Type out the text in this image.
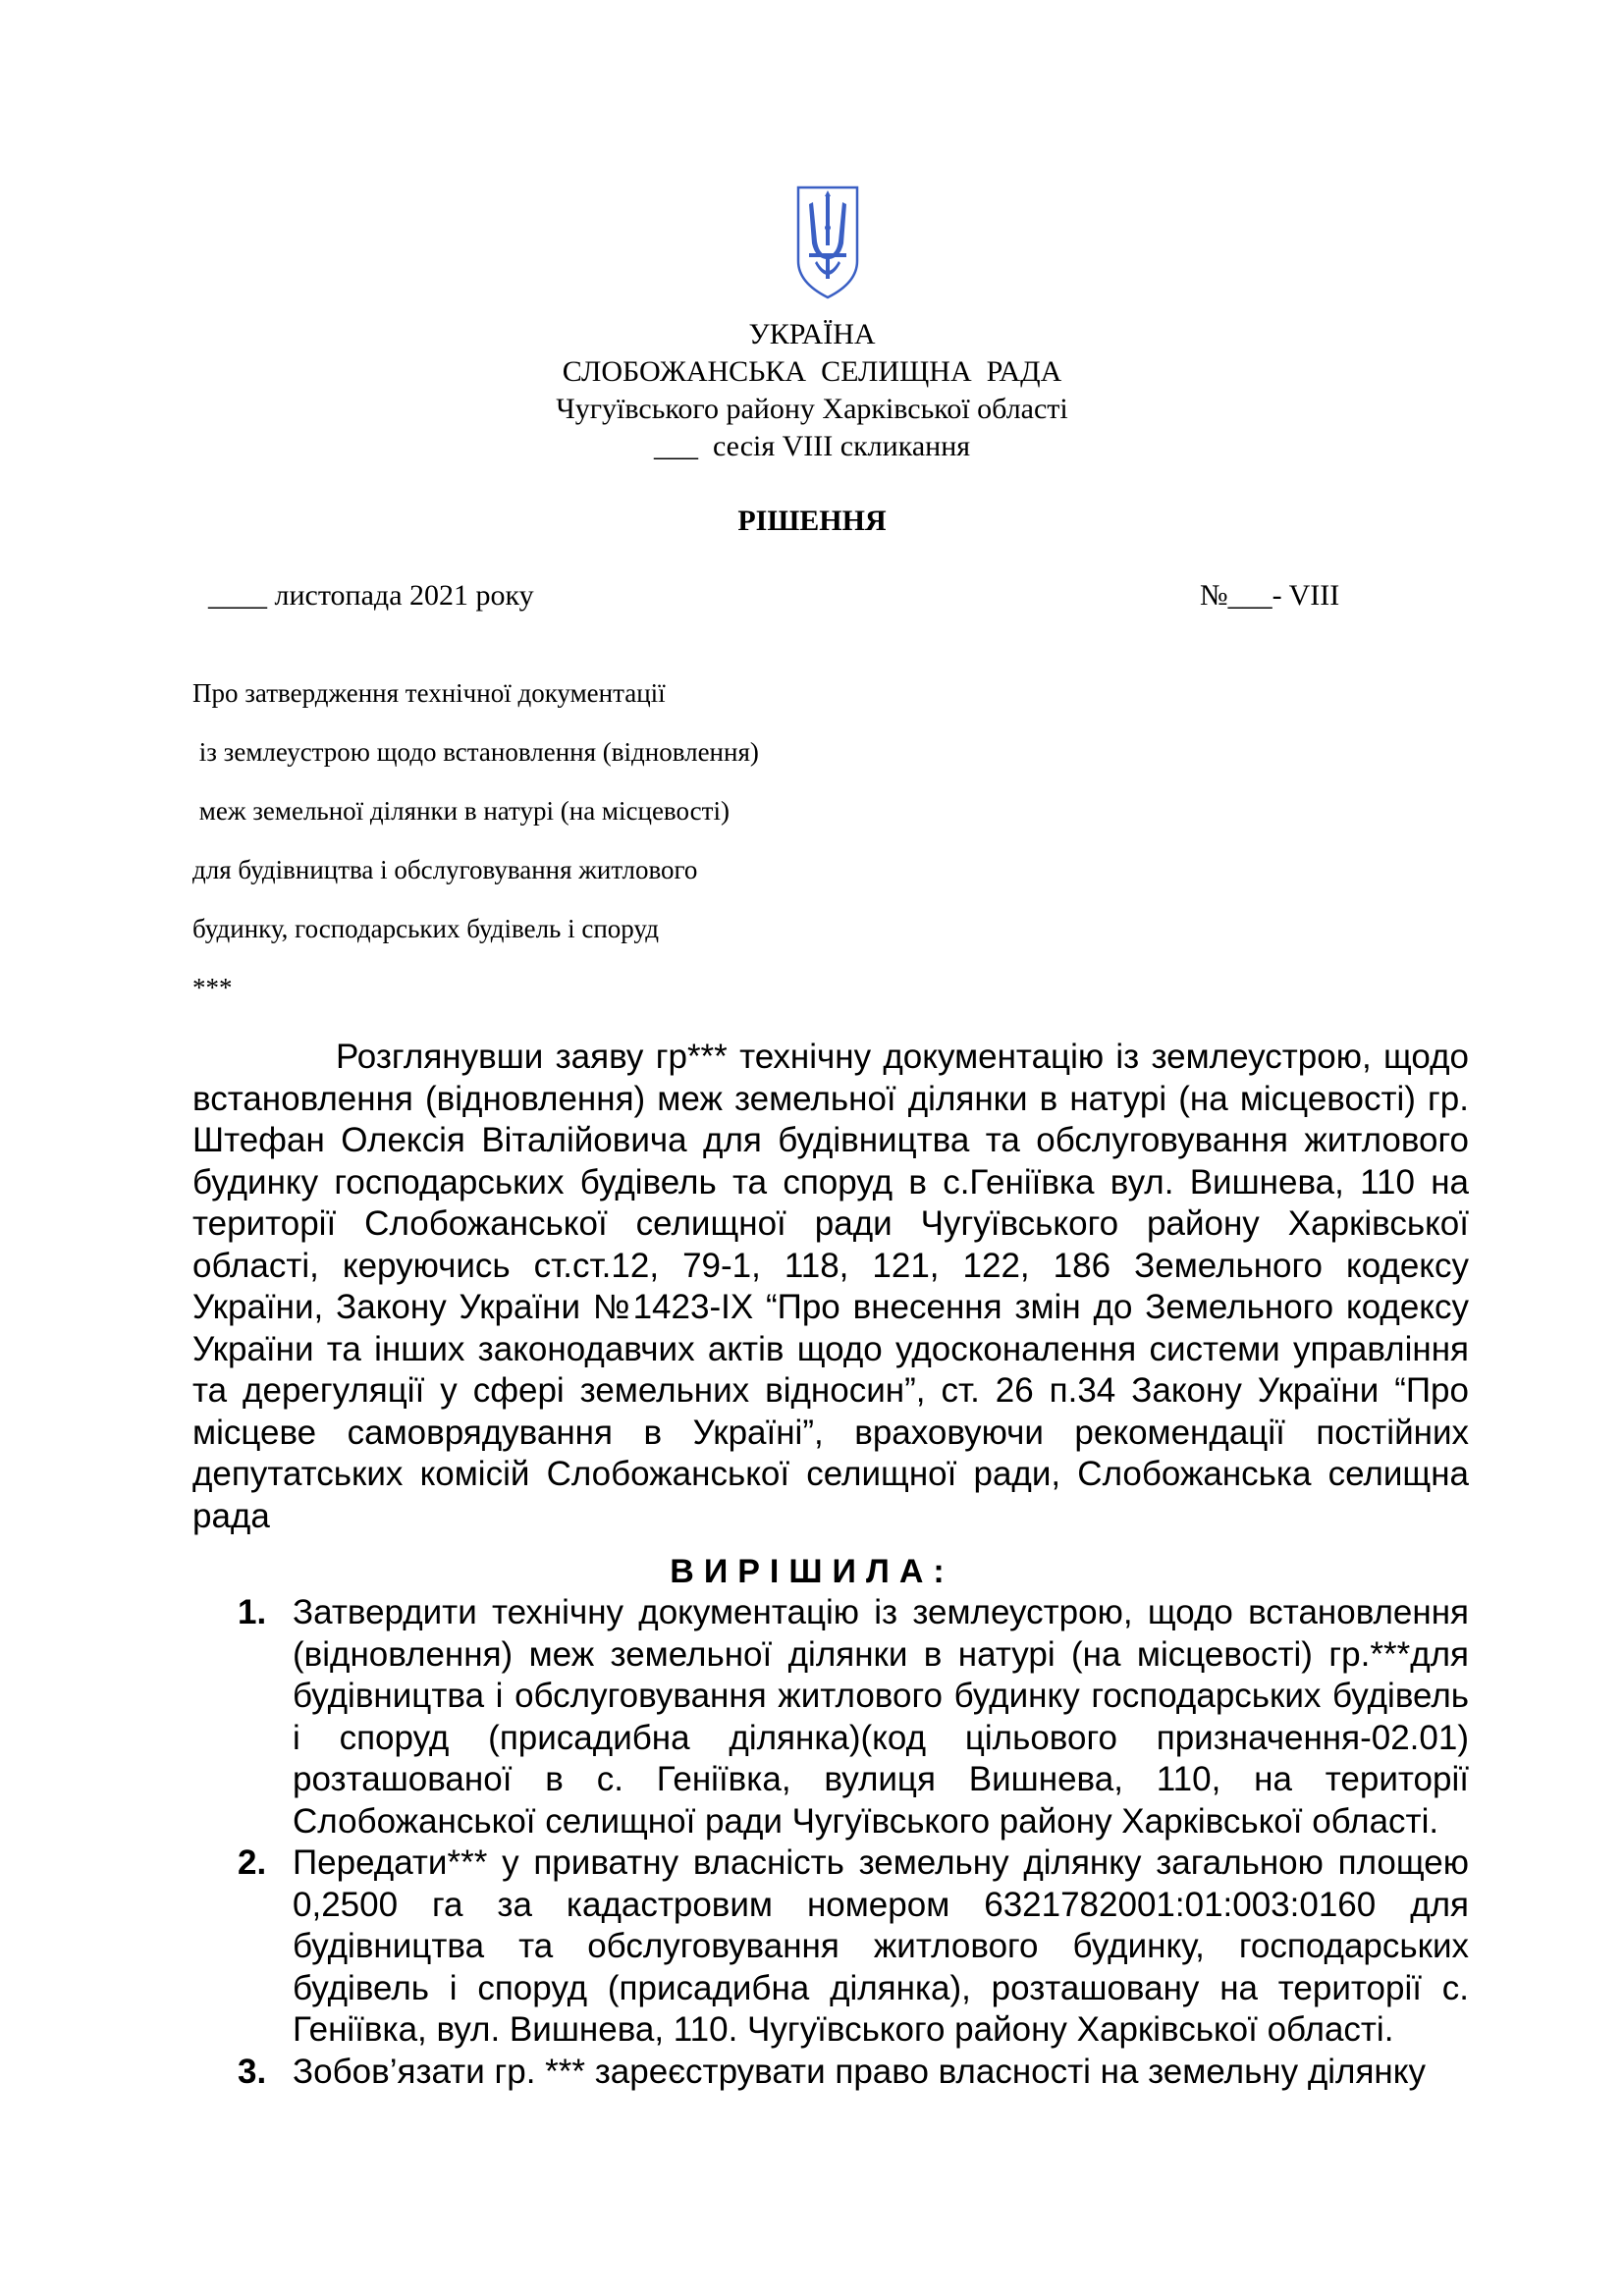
УКРАЇНА
СЛОБОЖАНСЬКА  СЕЛИЩНА  РАДА
Чугуївського району Харківської області
___  сесія VIII скликання
РІШЕННЯ
____ листопада 2021 року	№___- VIII
Про затвердження технічної документації
із землеустрою щодо встановлення (відновлення)
меж земельної ділянки в натурі (на місцевості)
для будівництва і обслуговування житлового
будинку, господарських будівель і споруд
***

Розглянувши заяву гр*** технічну документацію із землеустрою, щодо встановлення (відновлення) меж земельної ділянки в натурі (на місцевості) гр. Штефан Олексія Віталійовича для будівництва та обслуговування житлового будинку господарських будівель та споруд в с.Геніївка вул. Вишнева, 110 на території Слобожанської селищної ради Чугуївського району Харківської області, керуючись ст.ст.12, 79-1, 118, 121, 122, 186 Земельного кодексу України, Закону України №1423-IX “Про внесення змін до Земельного кодексу України та інших законодавчих актів щодо удосконалення системи управління та дерегуляції у сфері земельних відносин”, ст. 26 п.34 Закону України “Про місцеве самоврядування в Україні”, враховуючи рекомендації постійних депутатських комісій Слобожанської селищної ради, Слобожанська селищна рада

ВИРІШИЛА:
1. Затвердити технічну документацію із землеустрою, щодо встановлення (відновлення) меж земельної ділянки в натурі (на місцевості) гр.***для будівництва і обслуговування житлового будинку господарських будівель і споруд (присадибна ділянка)(код цільового призначення-02.01) розташованої в с. Геніївка, вулиця Вишнева, 110, на території Слобожанської селищної ради Чугуївського району Харківської області.
2. Передати*** у приватну власність земельну ділянку загальною площею 0,2500 га за кадастровим номером 6321782001:01:003:0160 для будівництва та обслуговування житлового будинку, господарських будівель і споруд (присадибна ділянка), розташовану на території с. Геніївка, вул. Вишнева, 110. Чугуївського району Харківської області.
3. Зобов’язати гр. *** зареєструвати право власності на земельну ділянку
